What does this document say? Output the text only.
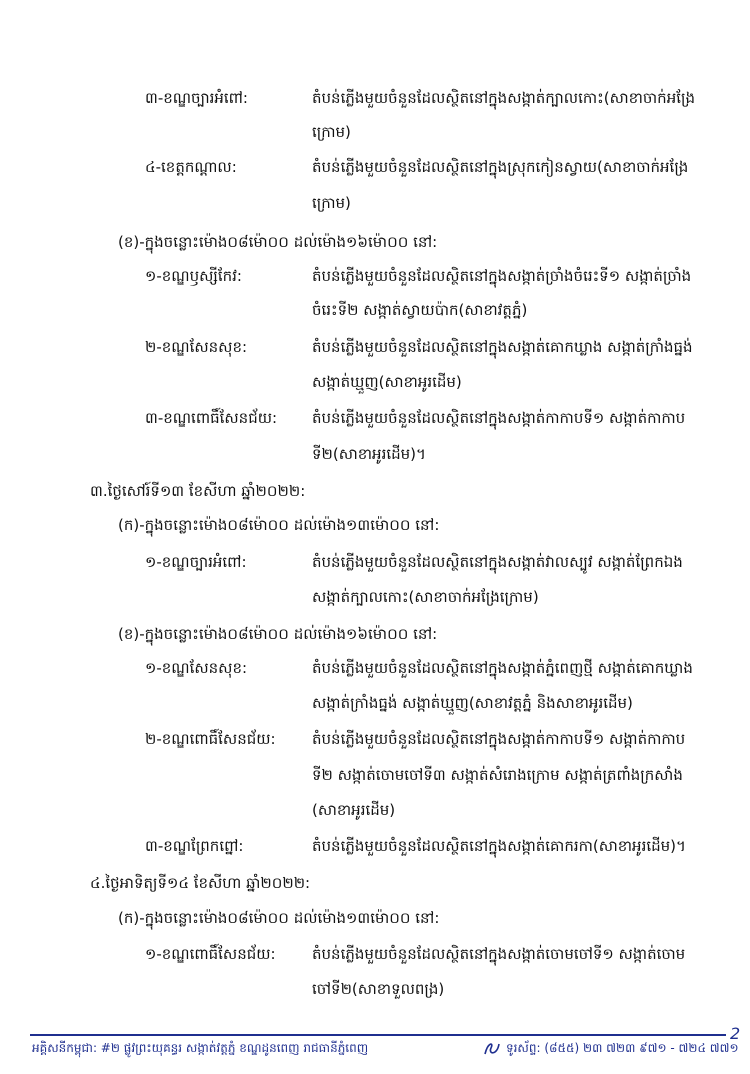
៣-ខណ្ឌច្បារអំពៅ:	តំបន់ភ្លើងមួយចំនួនដែលស្ថិតនៅក្នុងសង្កាត់ក្បាលកោះ(សាខាចាក់អង្រែ
ក្រោម)
៤-ខេត្តកណ្តាល:	តំបន់ភ្លើងមួយចំនួនដែលស្ថិតនៅក្នុងស្រុកកៀនស្វាយ(សាខាចាក់អង្រែ
ក្រោម)
(ខ)-ក្នុងចន្លោះម៉ោង០៨ម៉ោ០០ ដល់ម៉ោង១៦ម៉ោ០០ នៅ:
១-ខណ្ឌឫស្សីកែវ:	តំបន់ភ្លើងមួយចំនួនដែលស្ថិតនៅក្នុងសង្កាត់ច្រាំងចំរេះទី១ សង្កាត់ច្រាំង
ចំរេះទី២ សង្កាត់ស្វាយប៉ាក(សាខាវត្តភ្នំ)
២-ខណ្ឌសែនសុខ:	តំបន់ភ្លើងមួយចំនួនដែលស្ថិតនៅក្នុងសង្កាត់គោកឃ្លាង សង្កាត់ក្រាំងធ្នង់
សង្កាត់ឃ្មួញ(សាខាអូរដើម)
៣-ខណ្ឌពោធិ៍សែនជ័យ: តំបន់ភ្លើងមួយចំនួនដែលស្ថិតនៅក្នុងសង្កាត់កាកាបទី១ សង្កាត់កាកាប
ទី២(សាខាអូរដើម)។
៣.ថ្ងៃសៅរ៍ទី១៣ ខែសីហា ឆ្នាំ២០២២:
(ក)-ក្នុងចន្លោះម៉ោង០៨ម៉ោ០០ ដល់ម៉ោង១៣ម៉ោ០០ នៅ:
១-ខណ្ឌច្បារអំពៅ:	តំបន់ភ្លើងមួយចំនួនដែលស្ថិតនៅក្នុងសង្កាត់វាលស្បូវ សង្កាត់ព្រែកឯង
សង្កាត់ក្បាលកោះ(សាខាចាក់អង្រែក្រោម)
(ខ)-ក្នុងចន្លោះម៉ោង០៨ម៉ោ០០ ដល់ម៉ោង១៦ម៉ោ០០ នៅ:
១-ខណ្ឌសែនសុខ:	តំបន់ភ្លើងមួយចំនួនដែលស្ថិតនៅក្នុងសង្កាត់ភ្នំពេញថ្មី សង្កាត់គោកឃ្លាង
សង្កាត់ក្រាំងធ្នង់ សង្កាត់ឃ្មួញ(សាខាវត្តភ្នំ និងសាខាអូរដើម)
២-ខណ្ឌពោធិ៍សែនជ័យ: តំបន់ភ្លើងមួយចំនួនដែលស្ថិតនៅក្នុងសង្កាត់កាកាបទី១ សង្កាត់កាកាប
ទី២ សង្កាត់ចោមចៅទី៣ សង្កាត់សំរោងក្រោម សង្កាត់ត្រពាំងក្រសាំង
(សាខាអូរដើម)
៣-ខណ្ឌព្រែកព្នៅ:	តំបន់ភ្លើងមួយចំនួនដែលស្ថិតនៅក្នុងសង្កាត់គោករកា(សាខាអូរដើម)។
៤.ថ្ងៃអាទិត្យទី១៤ ខែសីហា ឆ្នាំ២០២២:
(ក)-ក្នុងចន្លោះម៉ោង០៨ម៉ោ០០ ដល់ម៉ោង១៣ម៉ោ០០ នៅ:
១-ខណ្ឌពោធិ៍សែនជ័យ: តំបន់ភ្លើងមួយចំនួនដែលស្ថិតនៅក្នុងសង្កាត់ចោមចៅទី១ សង្កាត់ចោម
ចៅទី២(សាខាទួលពង្រ)
អគ្គិសនីកម្ពុជា: #២ ផ្លូវព្រះយុគន្ធរ សង្កាត់វត្តភ្នំ ខណ្ឌដូនពេញ រាជធានីភ្នំពេញ	ទូរស័ព្ទ: (៨៥៥) ២៣ ៧២៣ ៩៧១ - ៧២៤ ៧៧១
2
